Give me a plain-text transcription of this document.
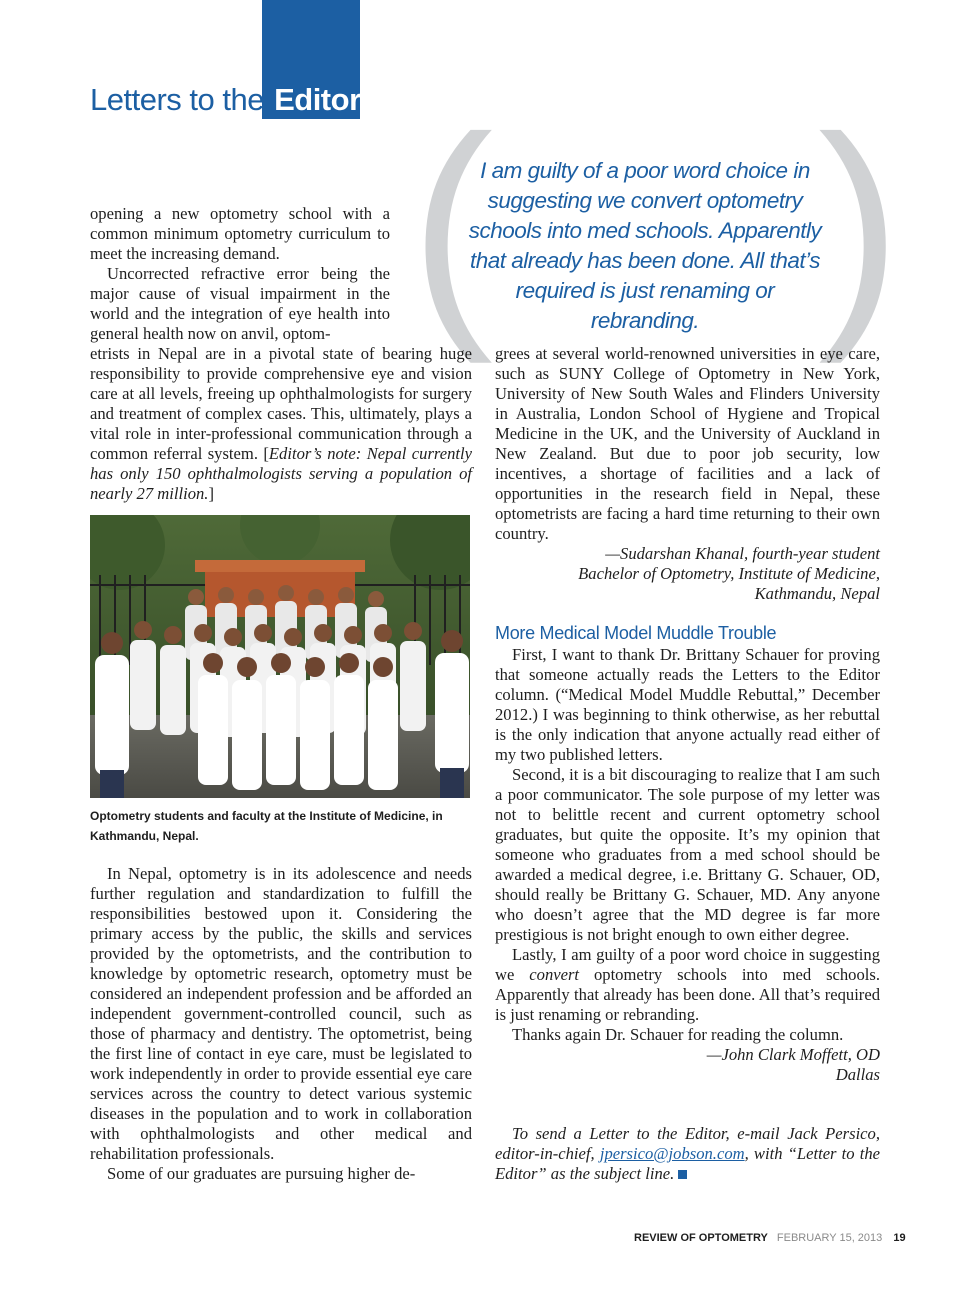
Letters to the Editor ( )
I am guilty of a poor word choice in suggesting we convert optometry schools into med schools. Apparently that already has been done. All that’s required is just renaming or rebranding.

opening a new optometry school with a common minimum optometry curriculum to meet the increasing demand.

Uncorrected refractive error being the major cause of visual impairment in the world and the integration of eye health into general health now on anvil, optom-

etrists in Nepal are in a pivotal state of bearing huge responsibility to provide comprehensive eye and vision care at all levels, freeing up ophthalmologists for surgery and treatment of complex cases. This, ultimately, plays a vital role in inter-professional communication through a common referral system. [Editor’s note: Nepal currently has only 150 ophthalmologists serving a population of nearly 27 million.]

Optometry students and faculty at the Institute of Medicine, in Kathmandu, Nepal.

In Nepal, optometry is in its adolescence and needs further regulation and standardization to fulfill the responsibilities bestowed upon it. Considering the primary access by the public, the skills and services provided by the optometrists, and the contribution to knowledge by optometric research, optometry must be considered an independent profession and be afforded an independent government-controlled council, such as those of pharmacy and dentistry. The optometrist, being the first line of contact in eye care, must be legislated to work independently in order to provide essential eye care services across the country to detect various systemic diseases in the population and to work in collaboration with ophthalmologists and other medical and rehabilitation professionals.

Some of our graduates are pursuing higher de-

grees at several world-renowned universities in eye care, such as SUNY College of Optometry in New York, University of New South Wales and Flinders University in Australia, London School of Hygiene and Tropical Medicine in the UK, and the University of Auckland in New Zealand. But due to poor job security, low incentives, a shortage of facilities and a lack of opportunities in the research field in Nepal, these optometrists are facing a hard time returning to their own country.

—Sudarshan Khanal, fourth-year student

Bachelor of Optometry, Institute of Medicine,

Kathmandu, Nepal

More Medical Model Muddle Trouble

First, I want to thank Dr. Brittany Schauer for proving that someone actually reads the Letters to the Editor column. (“Medical Model Muddle Rebuttal,” December 2012.) I was beginning to think otherwise, as her rebuttal is the only indication that anyone actually read either of my two published letters.

Second, it is a bit discouraging to realize that I am such a poor communicator. The sole purpose of my letter was not to belittle recent and current optometry school graduates, but quite the opposite. It’s my opinion that someone who graduates from a med school should be awarded a medical degree, i.e. Brittany G. Schauer, OD, should really be Brittany G. Schauer, MD. Any anyone who doesn’t agree that the MD degree is far more prestigious is not bright enough to own either degree.

Lastly, I am guilty of a poor word choice in suggesting we convert optometry schools into med schools. Apparently that already has been done. All that’s required is just renaming or rebranding.

Thanks again Dr. Schauer for reading the column.

—John Clark Moffett, OD

Dallas

To send a Letter to the Editor, e-mail Jack Persico, editor-in-chief, jpersico@jobson.com, with “Letter to the Editor” as the subject line.

REVIEW OF OPTOMETRY FEBRUARY 15, 2013 19
